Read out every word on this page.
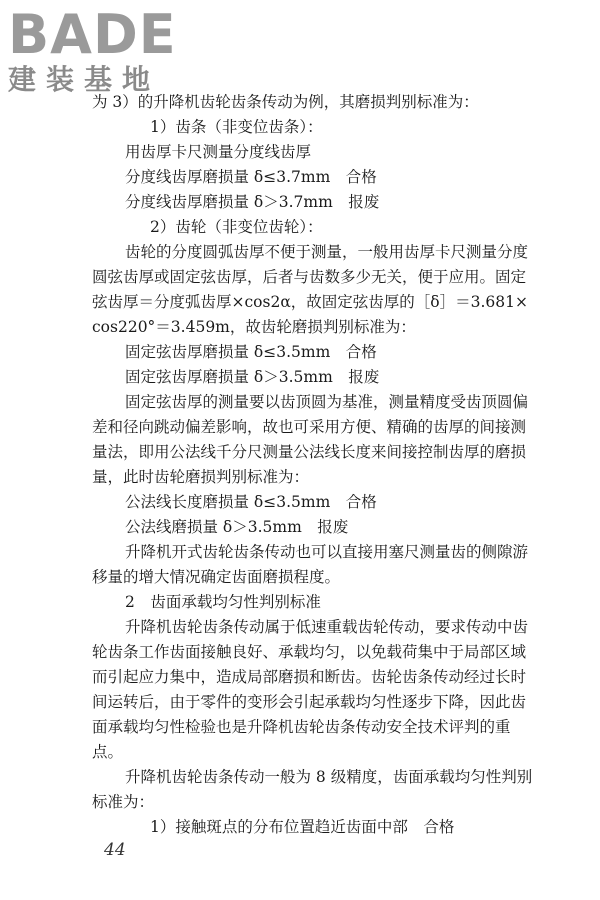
BADE
建装基地
为 3）的升降机齿轮齿条传动为例，其磨损判别标准为：
1）齿条（非变位齿条）：
用齿厚卡尺测量分度线齿厚
分度线齿厚磨损量 δ≤3.7mm　合格
分度线齿厚磨损量 δ＞3.7mm　报废
2）齿轮（非变位齿轮）：
齿轮的分度圆弧齿厚不便于测量，一般用齿厚卡尺测量分度
圆弦齿厚或固定弦齿厚，后者与齿数多少无关，便于应用。固定
弦齿厚＝分度弧齿厚×cos2α，故固定弦齿厚的［δ］＝3.681×
cos220°＝3.459m，故齿轮磨损判别标准为：
固定弦齿厚磨损量 δ≤3.5mm　合格
固定弦齿厚磨损量 δ＞3.5mm　报废
固定弦齿厚的测量要以齿顶圆为基准，测量精度受齿顶圆偏
差和径向跳动偏差影响，故也可采用方便、精确的齿厚的间接测
量法，即用公法线千分尺测量公法线长度来间接控制齿厚的磨损
量，此时齿轮磨损判别标准为：
公法线长度磨损量 δ≤3.5mm　合格
公法线磨损量 δ＞3.5mm　报废
升降机开式齿轮齿条传动也可以直接用塞尺测量齿的侧隙游
移量的增大情况确定齿面磨损程度。
2　齿面承载均匀性判别标准
升降机齿轮齿条传动属于低速重载齿轮传动，要求传动中齿
轮齿条工作齿面接触良好、承载均匀，以免载荷集中于局部区域
而引起应力集中，造成局部磨损和断齿。齿轮齿条传动经过长时
间运转后，由于零件的变形会引起承载均匀性逐步下降，因此齿
面承载均匀性检验也是升降机齿轮齿条传动安全技术评判的重
点。
升降机齿轮齿条传动一般为 8 级精度，齿面承载均匀性判别
标准为：
1）接触斑点的分布位置趋近齿面中部　合格
44
